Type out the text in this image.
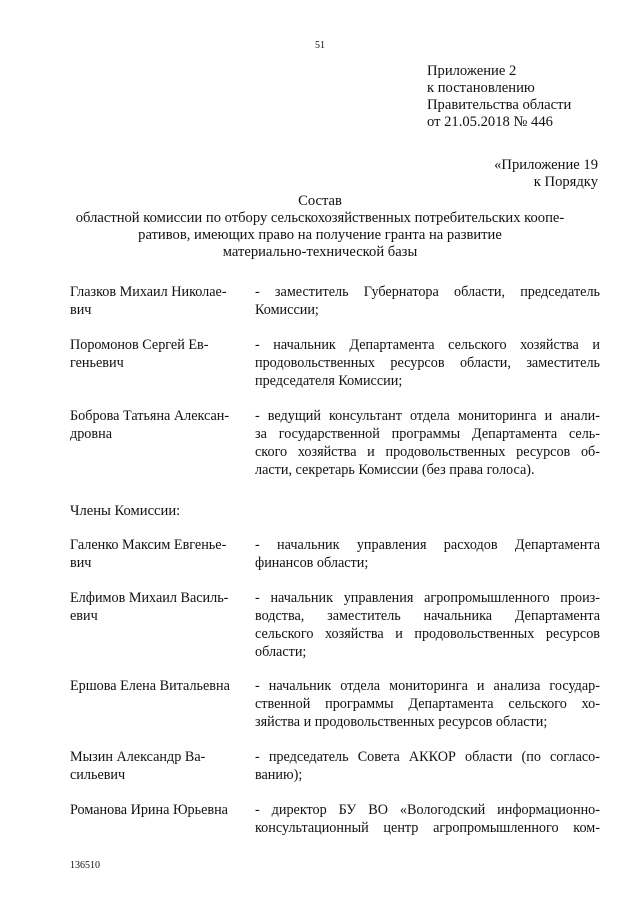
51
Приложение 2
к постановлению
Правительства области
от 21.05.2018 № 446
«Приложение 19
к Порядку
Состав
областной комиссии по отбору сельскохозяйственных потребительских коопе-
ративов, имеющих право на получение гранта на развитие
материально-технической базы
Глазков Михаил Николае-
вич
- заместитель Губернатора области, председатель
Комиссии;
Поромонов Сергей Ев-
геньевич
- начальник Департамента сельского хозяйства и
продовольственных ресурсов области, заместитель
председателя Комиссии;
Боброва Татьяна Алексан-
дровна
- ведущий консультант отдела мониторинга и анали-
за государственной программы Департамента сель-
ского хозяйства и продовольственных ресурсов об-
ласти, секретарь Комиссии (без права голоса).
Члены Комиссии:
Галенко Максим Евгенье-
вич
- начальник управления расходов Департамента
финансов области;
Елфимов Михаил Василь-
евич
- начальник управления агропромышленного произ-
водства, заместитель начальника Департамента
сельского хозяйства и продовольственных ресурсов
области;
Ершова Елена Витальевна	- начальник отдела мониторинга и анализа государ-
ственной программы Департамента сельского хо-
зяйства и продовольственных ресурсов области;
Мызин Александр Ва-
сильевич
- председатель Совета АККОР области (по согласо-
ванию);
Романова Ирина Юрьевна	- директор БУ ВО «Вологодский информационно-
консультационный центр агропромышленного ком-
136510
